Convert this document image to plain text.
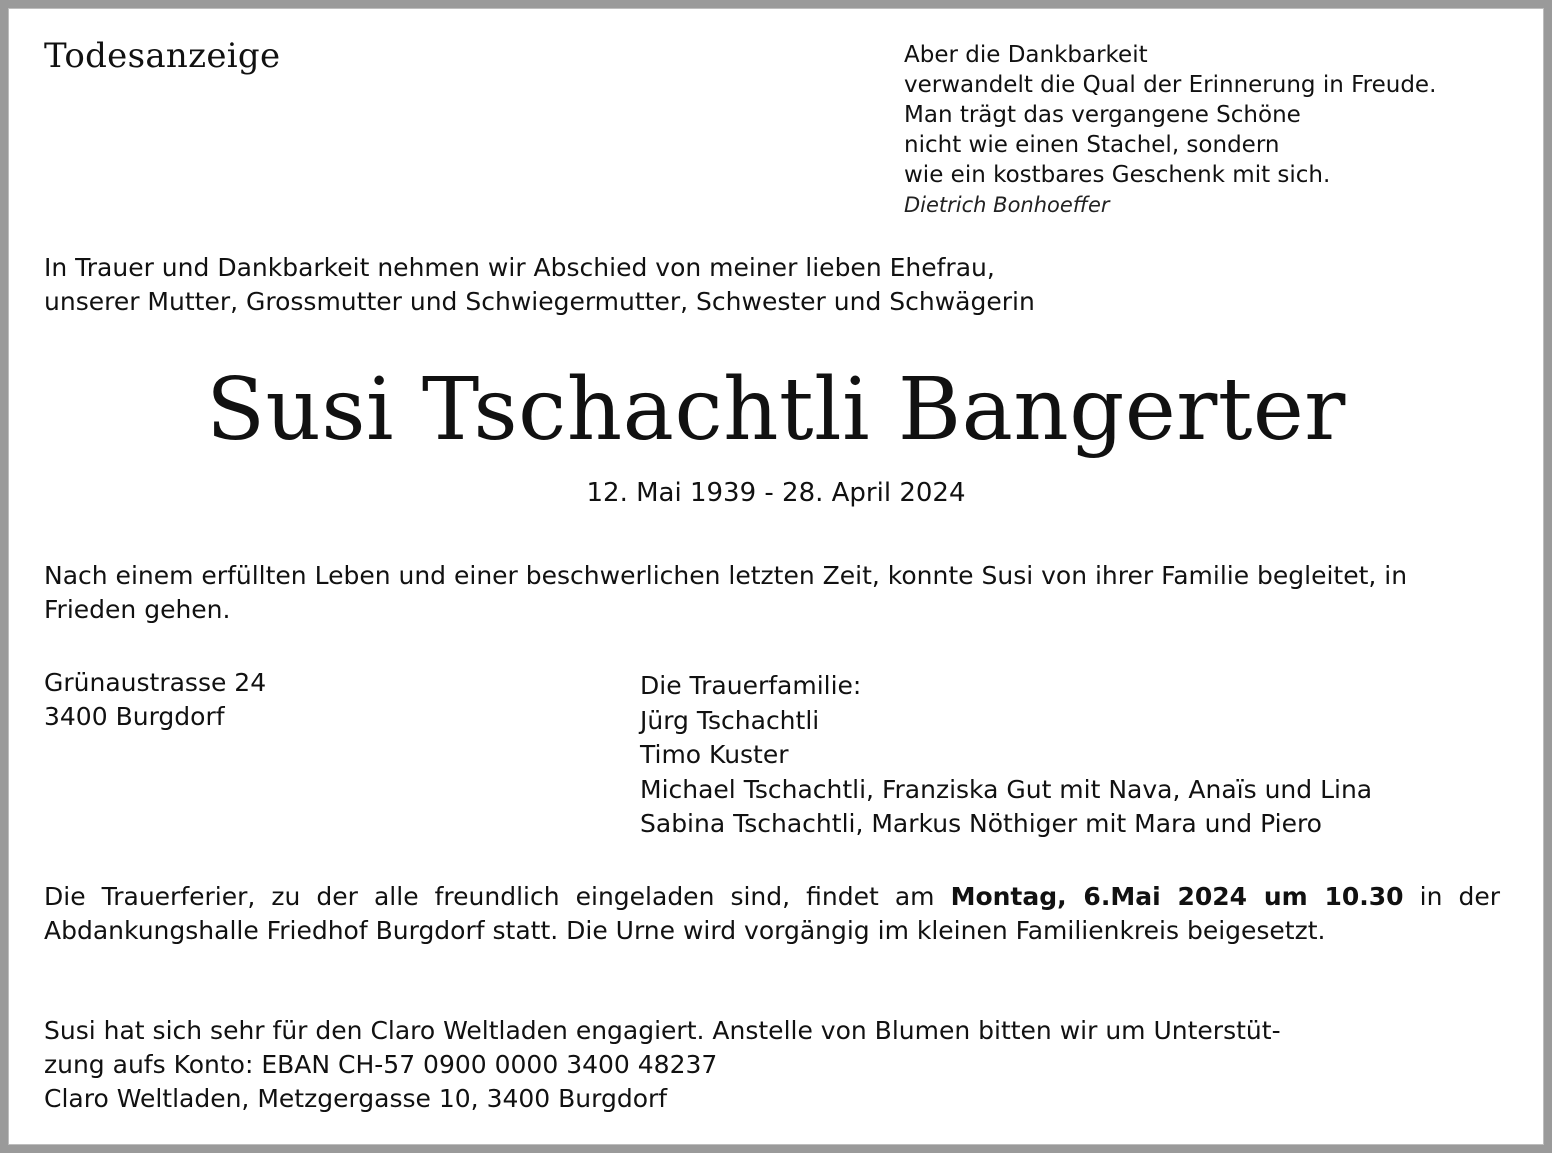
Todesanzeige	Aber die Dankbarkeit
verwandelt die Qual der Erinnerung in Freude.
Man trägt das vergangene Schöne
nicht wie einen Stachel, sondern
wie ein kostbares Geschenk mit sich.
Dietrich Bonhoeffer
In Trauer und Dankbarkeit nehmen wir Abschied von meiner lieben Ehefrau,
unserer Mutter, Grossmutter und Schwiegermutter, Schwester und Schwägerin
Susi Tschachtli Bangerter
12. Mai 1939 - 28. April 2024

Nach einem erfüllten Leben und einer beschwerlichen letzten Zeit, konnte Susi von ihrer Familie begleitet, in Frieden gehen.

Grünaustrasse 24
3400 Burgdorf
Die Trauerfamilie:
Jürg Tschachtli
Timo Kuster
Michael Tschachtli, Franziska Gut mit Nava, Anaïs und Lina
Sabina Tschachtli, Markus Nöthiger mit Mara und Piero

Die Trauerferier, zu der alle freundlich eingeladen sind, findet am Montag, 6.Mai 2024 um 10.30 in der Abdankungshalle Friedhof Burgdorf statt. Die Urne wird vorgängig im kleinen Familienkreis beigesetzt.

Susi hat sich sehr für den Claro Weltladen engagiert. Anstelle von Blumen bitten wir um Unterstüt-
zung aufs Konto: EBAN CH-57 0900 0000 3400 48237
Claro Weltladen, Metzgergasse 10, 3400 Burgdorf
